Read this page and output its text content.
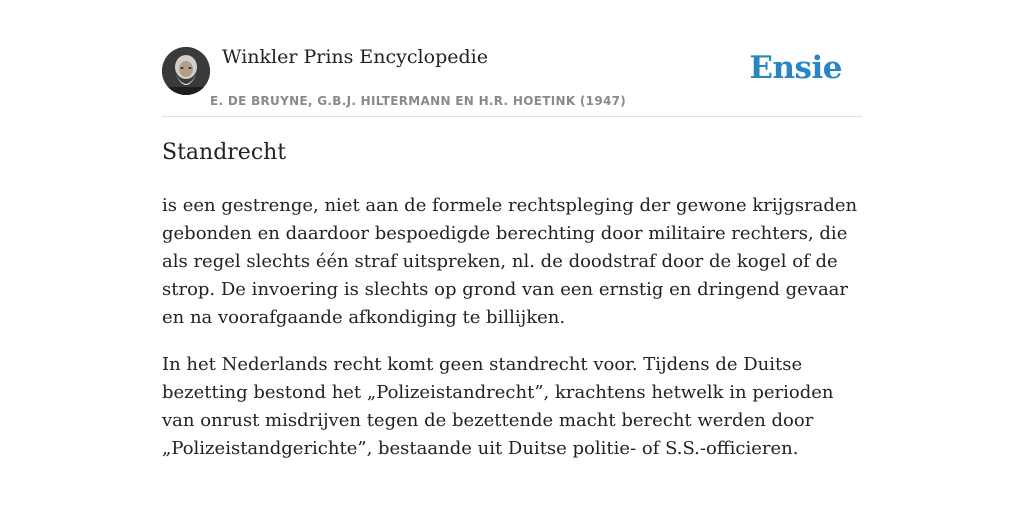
Winkler Prins Encyclopedie
E. DE BRUYNE, G.B.J. HILTERMANN EN H.R. HOETINK (1947)
Ensie
Standrecht

is een gestrenge, niet aan de formele rechtspleging der gewone krijgsraden gebonden en daardoor bespoedigde berechting door militaire rechters, die als regel slechts één straf uitspreken, nl. de doodstraf door de kogel of de strop. De invoering is slechts op grond van een ernstig en dringend gevaar en na voorafgaande afkondiging te billijken.

In het Nederlands recht komt geen standrecht voor. Tijdens de Duitse bezetting bestond het „Polizeistandrecht”, krachtens hetwelk in perioden van onrust misdrijven tegen de bezettende macht berecht werden door „Polizeistandgerichte”, bestaande uit Duitse politie- of S.S.-officieren.
